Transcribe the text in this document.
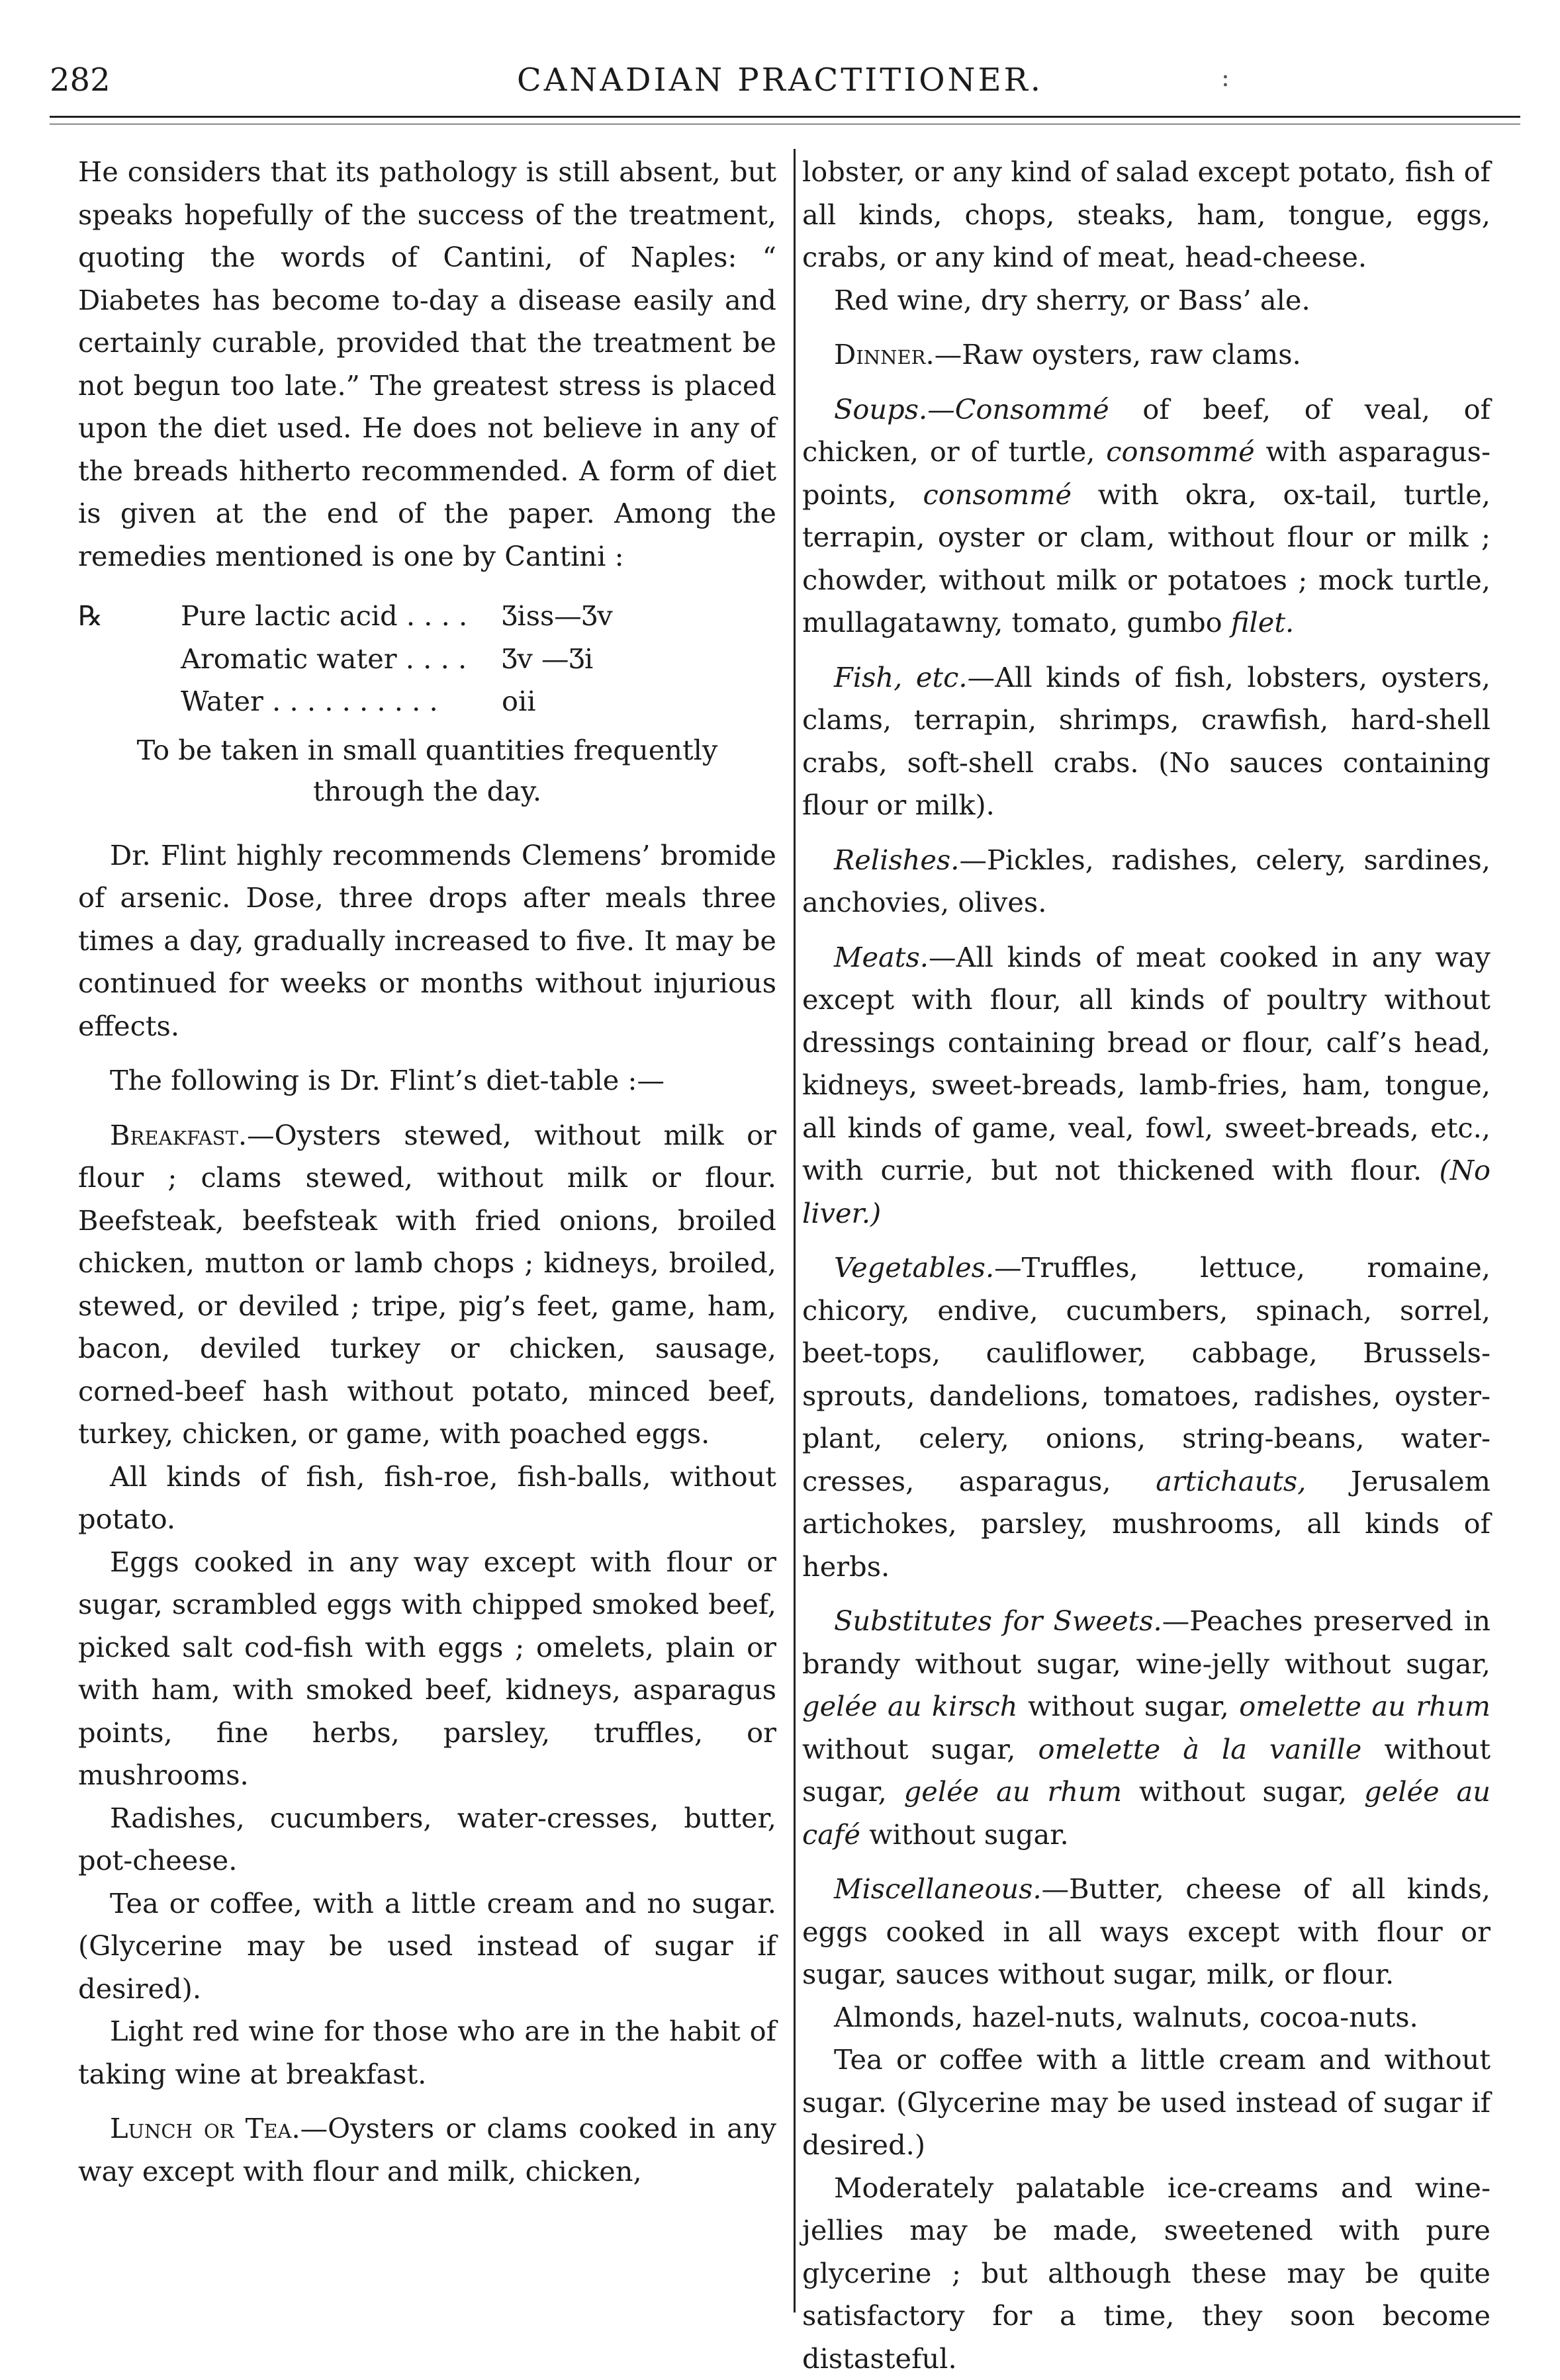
282	CANADIAN PRACTITIONER.	:

He considers that its pathology is still absent, but speaks hopefully of the success of the treatment, quoting the words of Cantini, of Naples: “ Diabetes has become to-day a disease easily and certainly curable, provided that the treatment be not begun too late.” The greatest stress is placed upon the diet used. He does not believe in any of the breads hitherto recommended. A form of diet is given at the end of the paper. Among the remedies mentioned is one by Cantini :

℞	Pure lactic acid . . . .	Ʒiss—Ʒv
Aromatic water . . . .	Ʒv —Ʒi
Water . . . . . . . . . .	oii
To be taken in small quantities frequently through the day.

Dr. Flint highly recommends Clemens’ bromide of arsenic. Dose, three drops after meals three times a day, gradually increased to five. It may be continued for weeks or months without injurious effects.

The following is Dr. Flint’s diet-table :—

Breakfast.—Oysters stewed, without milk or flour ; clams stewed, without milk or flour. Beefsteak, beefsteak with fried onions, broiled chicken, mutton or lamb chops ; kidneys, broiled, stewed, or deviled ; tripe, pig’s feet, game, ham, bacon, deviled turkey or chicken, sausage, corned-beef hash without potato, minced beef, turkey, chicken, or game, with poached eggs.

All kinds of fish, fish-roe, fish-balls, without potato.

Eggs cooked in any way except with flour or sugar, scrambled eggs with chipped smoked beef, picked salt cod-fish with eggs ; omelets, plain or with ham, with smoked beef, kidneys, asparagus points, fine herbs, parsley, truffles, or mushrooms.

Radishes, cucumbers, water-cresses, butter, pot-cheese.

Tea or coffee, with a little cream and no sugar. (Glycerine may be used instead of sugar if desired).

Light red wine for those who are in the habit of taking wine at breakfast.

Lunch or Tea.—Oysters or clams cooked in any way except with flour and milk, chicken,

lobster, or any kind of salad except potato, fish of all kinds, chops, steaks, ham, tongue, eggs, crabs, or any kind of meat, head-cheese.

Red wine, dry sherry, or Bass’ ale.

Dinner.—Raw oysters, raw clams.

Soups.—Consommé of beef, of veal, of chicken, or of turtle, consommé with asparagus-points, consommé with okra, ox-tail, turtle, terrapin, oyster or clam, without flour or milk ; chowder, without milk or potatoes ; mock turtle, mullagatawny, tomato, gumbo filet.

Fish, etc.—All kinds of fish, lobsters, oysters, clams, terrapin, shrimps, crawfish, hard-shell crabs, soft-shell crabs. (No sauces containing flour or milk).

Relishes.—Pickles, radishes, celery, sardines, anchovies, olives.

Meats.—All kinds of meat cooked in any way except with flour, all kinds of poultry without dressings containing bread or flour, calf’s head, kidneys, sweet-breads, lamb-fries, ham, tongue, all kinds of game, veal, fowl, sweet-breads, etc., with currie, but not thickened with flour. (No liver.)

Vegetables.—Truffles, lettuce, romaine, chicory, endive, cucumbers, spinach, sorrel, beet-tops, cauliflower, cabbage, Brussels-sprouts, dandelions, tomatoes, radishes, oyster-plant, celery, onions, string-beans, water-cresses, asparagus, artichauts, Jerusalem artichokes, parsley, mushrooms, all kinds of herbs.

Substitutes for Sweets.—Peaches preserved in brandy without sugar, wine-jelly without sugar, gelée au kirsch without sugar, omelette au rhum without sugar, omelette à la vanille without sugar, gelée au rhum without sugar, gelée au café without sugar.

Miscellaneous.—Butter, cheese of all kinds, eggs cooked in all ways except with flour or sugar, sauces without sugar, milk, or flour.

Almonds, hazel-nuts, walnuts, cocoa-nuts.

Tea or coffee with a little cream and without sugar. (Glycerine may be used instead of sugar if desired.)

Moderately palatable ice-creams and wine-jellies may be made, sweetened with pure glycerine ; but although these may be quite satisfactory for a time, they soon become distasteful.
